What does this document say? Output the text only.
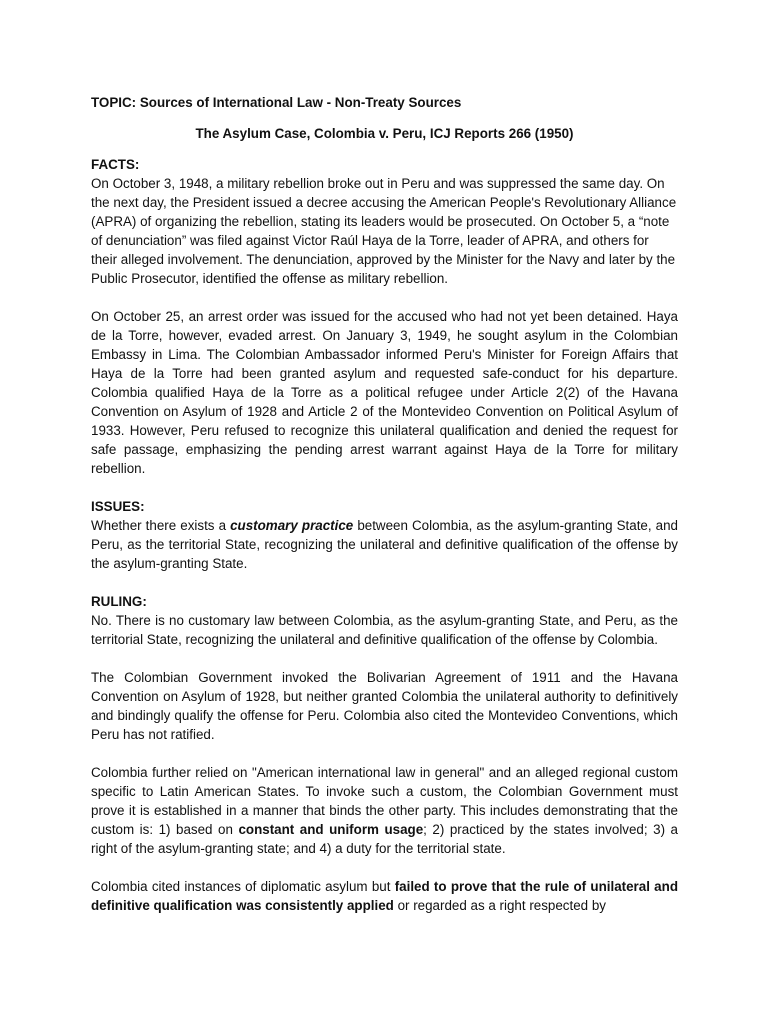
TOPIC: Sources of International Law - Non-Treaty Sources
The Asylum Case, Colombia v. Peru, ICJ Reports 266 (1950)
FACTS:

On October 3, 1948, a military rebellion broke out in Peru and was suppressed the same day. On the next day, the President issued a decree accusing the American People's Revolutionary Alliance (APRA) of organizing the rebellion, stating its leaders would be prosecuted. On October 5, a “note of denunciation” was filed against Victor Raúl Haya de la Torre, leader of APRA, and others for their alleged involvement. The denunciation, approved by the Minister for the Navy and later by the Public Prosecutor, identified the offense as military rebellion.

On October 25, an arrest order was issued for the accused who had not yet been detained. Haya de la Torre, however, evaded arrest. On January 3, 1949, he sought asylum in the Colombian Embassy in Lima. The Colombian Ambassador informed Peru's Minister for Foreign Affairs that Haya de la Torre had been granted asylum and requested safe-conduct for his departure. Colombia qualified Haya de la Torre as a political refugee under Article 2(2) of the Havana Convention on Asylum of 1928 and Article 2 of the Montevideo Convention on Political Asylum of 1933. However, Peru refused to recognize this unilateral qualification and denied the request for safe passage, emphasizing the pending arrest warrant against Haya de la Torre for military rebellion.

ISSUES:

Whether there exists a customary practice between Colombia, as the asylum-granting State, and Peru, as the territorial State, recognizing the unilateral and definitive qualification of the offense by the asylum-granting State.

RULING:

No. There is no customary law between Colombia, as the asylum-granting State, and Peru, as the territorial State, recognizing the unilateral and definitive qualification of the offense by Colombia.

The Colombian Government invoked the Bolivarian Agreement of 1911 and the Havana Convention on Asylum of 1928, but neither granted Colombia the unilateral authority to definitively and bindingly qualify the offense for Peru. Colombia also cited the Montevideo Conventions, which Peru has not ratified.

Colombia further relied on "American international law in general" and an alleged regional custom specific to Latin American States. To invoke such a custom, the Colombian Government must prove it is established in a manner that binds the other party. This includes demonstrating that the custom is: 1) based on constant and uniform usage; 2) practiced by the states involved; 3) a right of the asylum-granting state; and 4) a duty for the territorial state.

Colombia cited instances of diplomatic asylum but failed to prove that the rule of unilateral and definitive qualification was consistently applied or regarded as a right respected by
